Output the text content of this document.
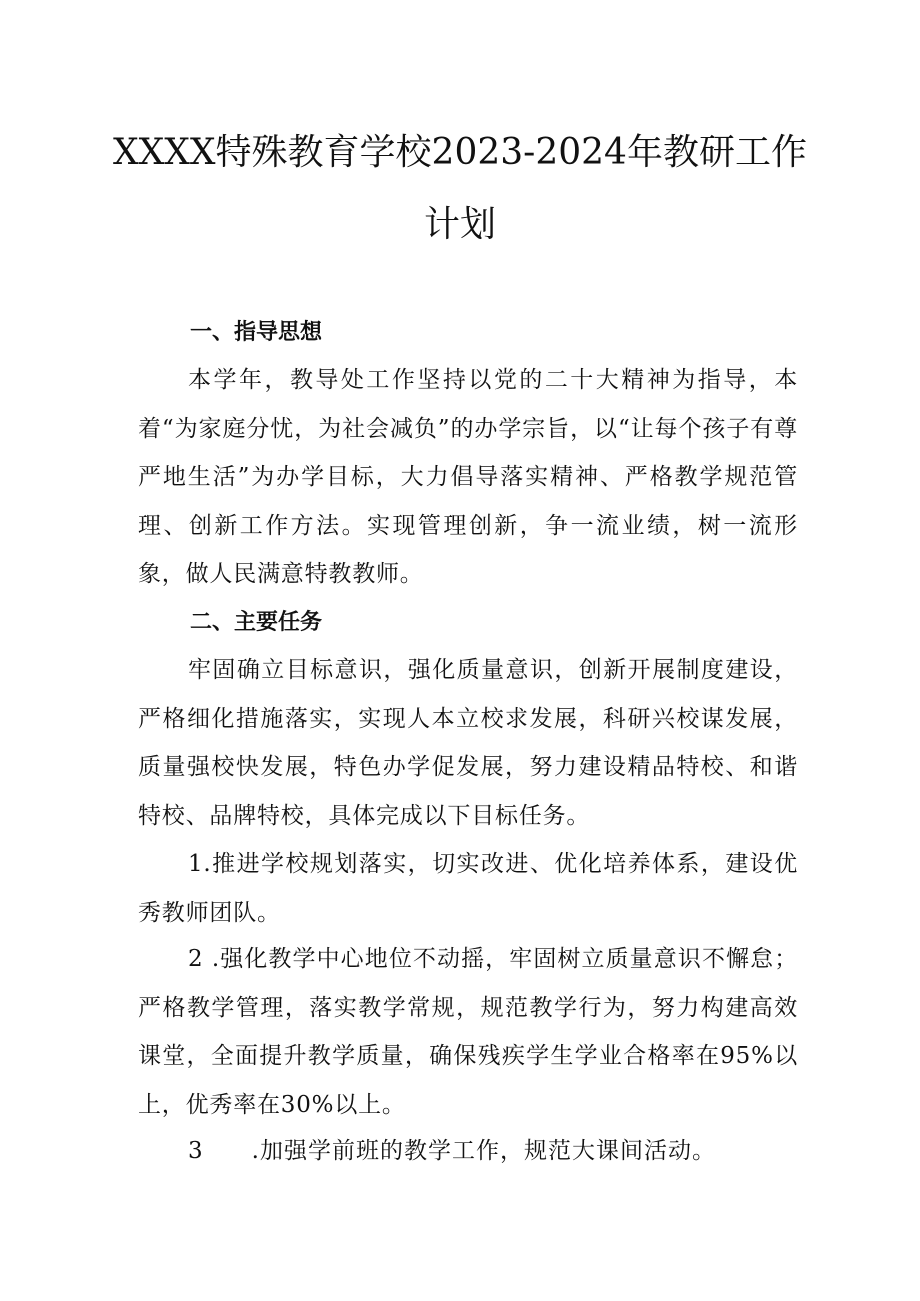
XXXX特殊教育学校2023-2024年教研工作
计划
一、指导思想

本学年，教导处工作坚持以党的二十大精神为指导，本着“为家庭分忧，为社会减负”的办学宗旨，以“让每个孩子有尊严地生活”为办学目标，大力倡导落实精神、严格教学规范管理、创新工作方法。实现管理创新，争一流业绩，树一流形象，做人民满意特教教师。

二、主要任务

牢固确立目标意识，强化质量意识，创新开展制度建设，严格细化措施落实，实现人本立校求发展，科研兴校谋发展，质量强校快发展，特色办学促发展，努力建设精品特校、和谐特校、品牌特校，具体完成以下目标任务。

1.推进学校规划落实，切实改进、优化培养体系，建设优秀教师团队。

2 .强化教学中心地位不动摇，牢固树立质量意识不懈怠；严格教学管理，落实教学常规，规范教学行为，努力构建高效课堂，全面提升教学质量，确保残疾学生学业合格率在95%以上，优秀率在30%以上。

3 .加强学前班的教学工作，规范大课间活动。
